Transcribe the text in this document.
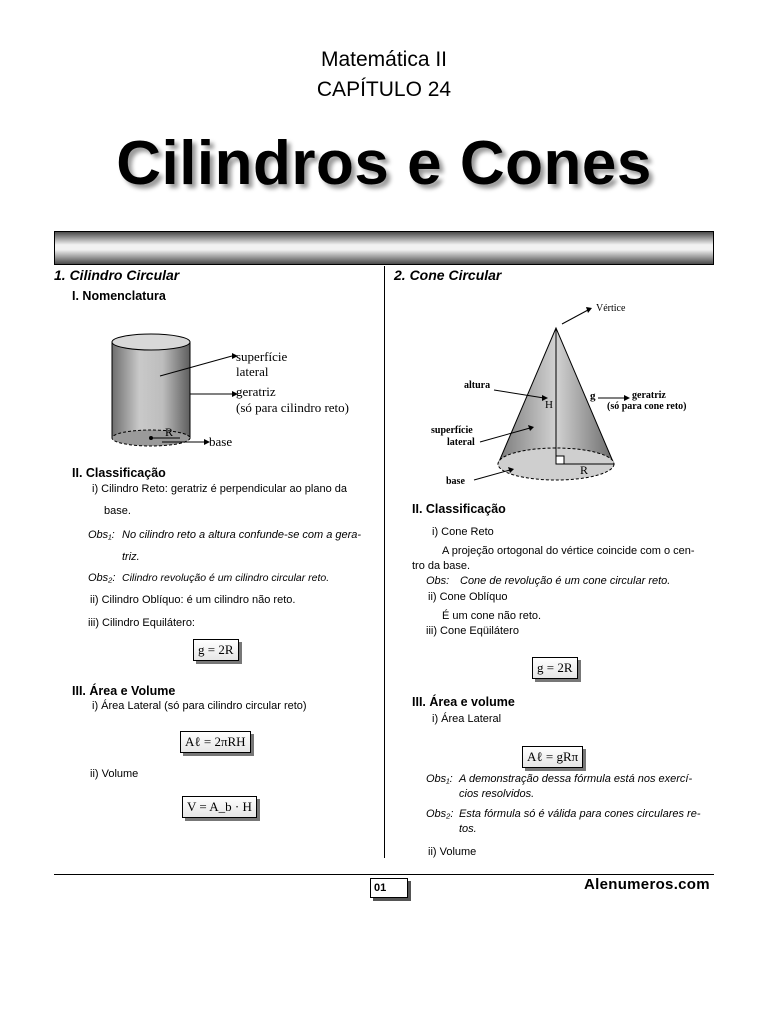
Matemática II
CAPÍTULO 24
Cilindros e Cones
1. Cilindro Circular
I. Nomenclatura
superfície
lateral
geratriz
(só para cilindro reto)
R
base
II. Classificação
i) Cilindro Reto: geratriz é perpendicular ao plano da
base.
Obs₁: No cilindro reto a altura confunde-se com a gera-
triz.
Obs₂: Cilindro revolução é um cilindro circular reto.
ii) Cilindro Oblíquo: é um cilindro não reto.
iii) Cilindro Equilátero:
g = 2R
III. Área e Volume
i) Área Lateral (só para cilindro circular reto)
Aℓ = 2πRH
ii) Volume
V = A_b · H
2. Cone Circular
Vértice
altura
H
g	geratriz
(só para cone reto)
superfície
lateral
R
base
II. Classificação
i) Cone Reto
A projeção ortogonal do vértice coincide com o cen-
tro da base.
Obs: Cone de revolução é um cone circular reto.
ii) Cone Oblíquo
É um cone não reto.
iii) Cone Eqüilátero
g = 2R
III. Área e volume
i) Área Lateral
Aℓ = gRπ
Obs₁: A demonstração dessa fórmula está nos exercí-
cios resolvidos.
Obs₂: Esta fórmula só é válida para cones circulares re-
tos.
ii) Volume
01	Alenumeros.com
